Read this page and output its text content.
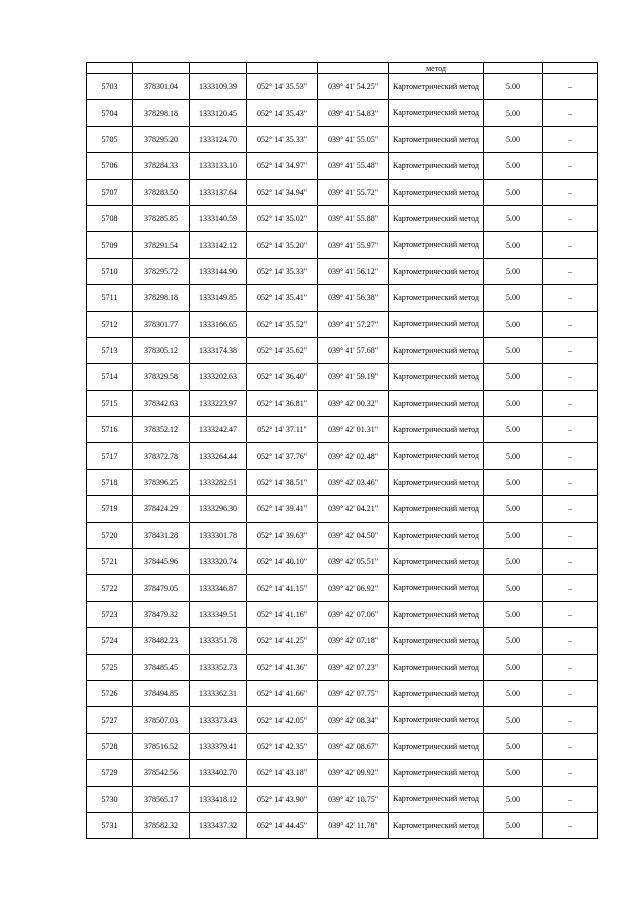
					метод		
5703	378301.04	1333109.39	052° 14' 35.53"	039° 41' 54.25"	Картометрический метод	5.00	–
5704	378298.18	1333120.45	052° 14' 35.43"	039° 41' 54.83"	Картометрический метод	5.00	–
5705	378295.20	1333124.70	052° 14' 35.33"	039° 41' 55.05"	Картометрический метод	5.00	–
5706	378284.33	1333133.10	052° 14' 34.97"	039° 41' 55.48"	Картометрический метод	5.00	–
5707	378283.50	1333137.64	052° 14' 34.94"	039° 41' 55.72"	Картометрический метод	5.00	–
5708	378285.85	1333140.59	052° 14' 35.02"	039° 41' 55.88"	Картометрический метод	5.00	–
5709	378291.54	1333142.12	052° 14' 35.20"	039° 41' 55.97"	Картометрический метод	5.00	–
5710	378295.72	1333144.90	052° 14' 35.33"	039° 41' 56.12"	Картометрический метод	5.00	–
5711	378298.18	1333149.85	052° 14' 35.41"	039° 41' 56.38"	Картометрический метод	5.00	–
5712	378301.77	1333166.65	052° 14' 35.52"	039° 41' 57.27"	Картометрический метод	5.00	–
5713	378305.12	1333174.38	052° 14' 35.62"	039° 41' 57.68"	Картометрический метод	5.00	–
5714	378329.58	1333202.63	052° 14' 36.40"	039° 41' 59.19"	Картометрический метод	5.00	–
5715	378342.63	1333223.97	052° 14' 36.81"	039° 42' 00.32"	Картометрический метод	5.00	–
5716	378352.12	1333242.47	052° 14' 37.11"	039° 42' 01.31"	Картометрический метод	5.00	–
5717	378372.78	1333264.44	052° 14' 37.76"	039° 42' 02.48"	Картометрический метод	5.00	–
5718	378396.25	1333282.51	052° 14' 38.51"	039° 42' 03.46"	Картометрический метод	5.00	–
5719	378424.29	1333296.30	052° 14' 39.41"	039° 42' 04.21"	Картометрический метод	5.00	–
5720	378431.28	1333301.78	052° 14' 39.63"	039° 42' 04.50"	Картометрический метод	5.00	–
5721	378445.96	1333320.74	052° 14' 40.10"	039° 42' 05.51"	Картометрический метод	5.00	–
5722	378479.05	1333346.87	052° 14' 41.15"	039° 42' 06.92"	Картометрический метод	5.00	–
5723	378479.32	1333349.51	052° 14' 41.16"	039° 42' 07.06"	Картометрический метод	5.00	–
5724	378482.23	1333351.78	052° 14' 41.25"	039° 42' 07.18"	Картометрический метод	5.00	–
5725	378485.45	1333352.73	052° 14' 41.36"	039° 42' 07.23"	Картометрический метод	5.00	–
5726	378494.85	1333362.31	052° 14' 41.66"	039° 42' 07.75"	Картометрический метод	5.00	–
5727	378507.03	1333373.43	052° 14' 42.05"	039° 42' 08.34"	Картометрический метод	5.00	–
5728	378516.52	1333379.41	052° 14' 42.35"	039° 42' 08.67"	Картометрический метод	5.00	–
5729	378542.56	1333402.70	052° 14' 43.18"	039° 42' 09.92"	Картометрический метод	5.00	–
5730	378565.17	1333418.12	052° 14' 43.90"	039° 42' 10.75"	Картометрический метод	5.00	–
5731	378582.32	1333437.32	052° 14' 44.45"	039° 42' 11.78"	Картометрический метод	5.00	–
